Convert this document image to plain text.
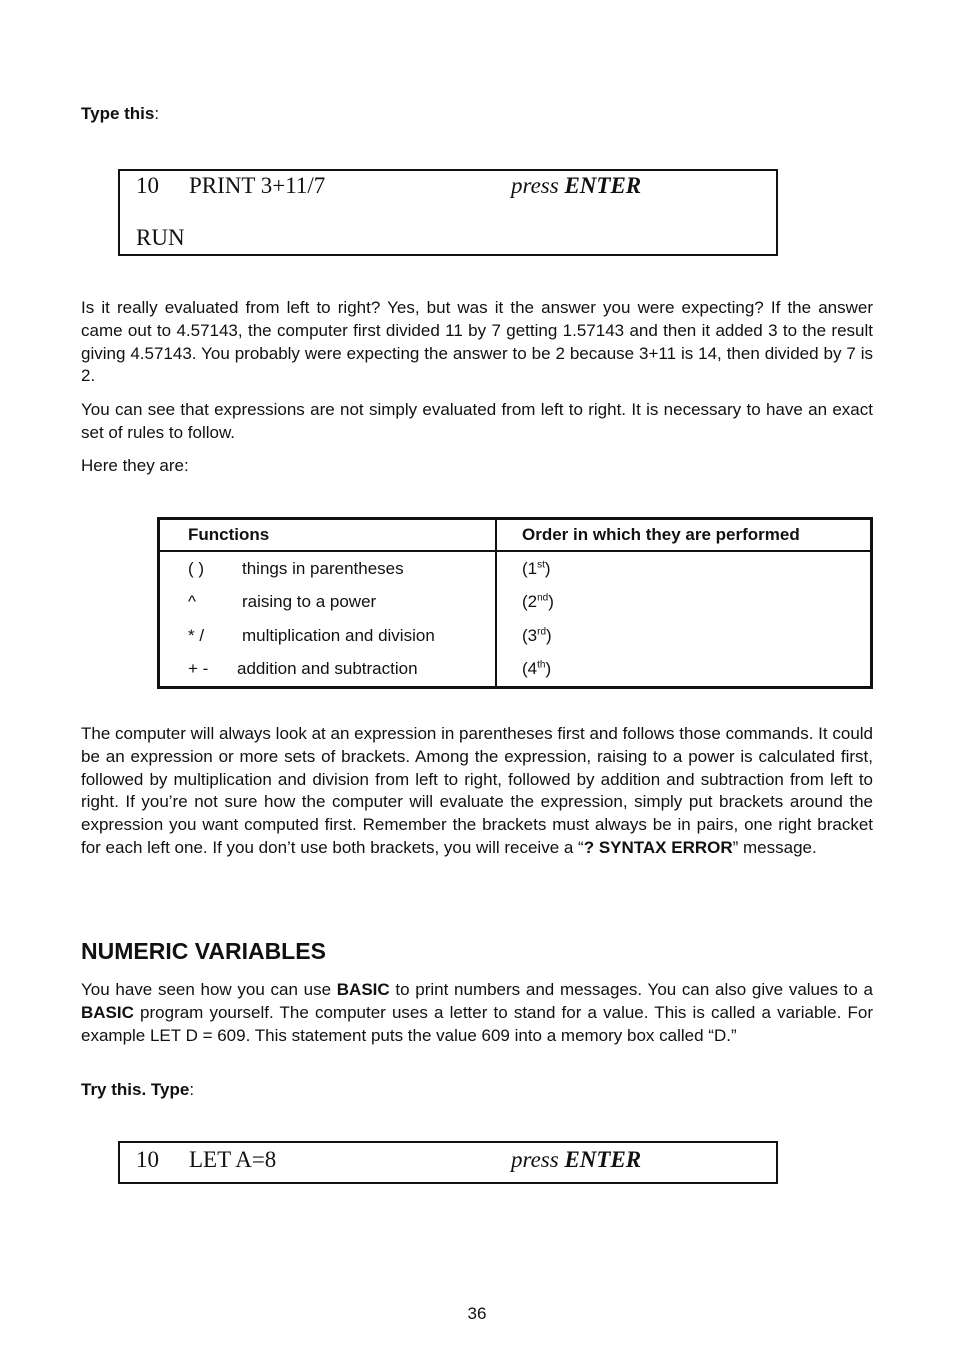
Type this:
10 PRINT 3+11/7	press ENTER
RUN
Is it really evaluated from left to right? Yes, but was it the answer you were expecting? If the answer came out to 4.57143, the computer first divided 11 by 7 getting 1.57143 and then it added 3 to the result giving 4.57143. You probably were expecting the answer to be 2 because 3+11 is 14, then divided by 7 is 2.
You can see that expressions are not simply evaluated from left to right. It is necessary to have an exact set of rules to follow.
Here they are:
Functions	Order in which they are performed
( ) things in parentheses	(1st)
^ raising to a power	(2nd)
* / multiplication and division	(3rd)
+ - addition and subtraction	(4th)
The computer will always look at an expression in parentheses first and follows those commands. It could be an expression or more sets of brackets. Among the expression, raising to a power is calculated first, followed by multiplication and division from left to right, followed by addition and subtraction from left to right. If you’re not sure how the computer will evaluate the expression, simply put brackets around the expression you want computed first. Remember the brackets must always be in pairs, one right bracket for each left one. If you don’t use both brackets, you will receive a “? SYNTAX ERROR” message.
NUMERIC VARIABLES
You have seen how you can use BASIC to print numbers and messages. You can also give values to a BASIC program yourself. The computer uses a letter to stand for a value. This is called a variable. For example LET D = 609. This statement puts the value 609 into a memory box called “D.”
Try this. Type:
10 LET A=8	press ENTER
36
